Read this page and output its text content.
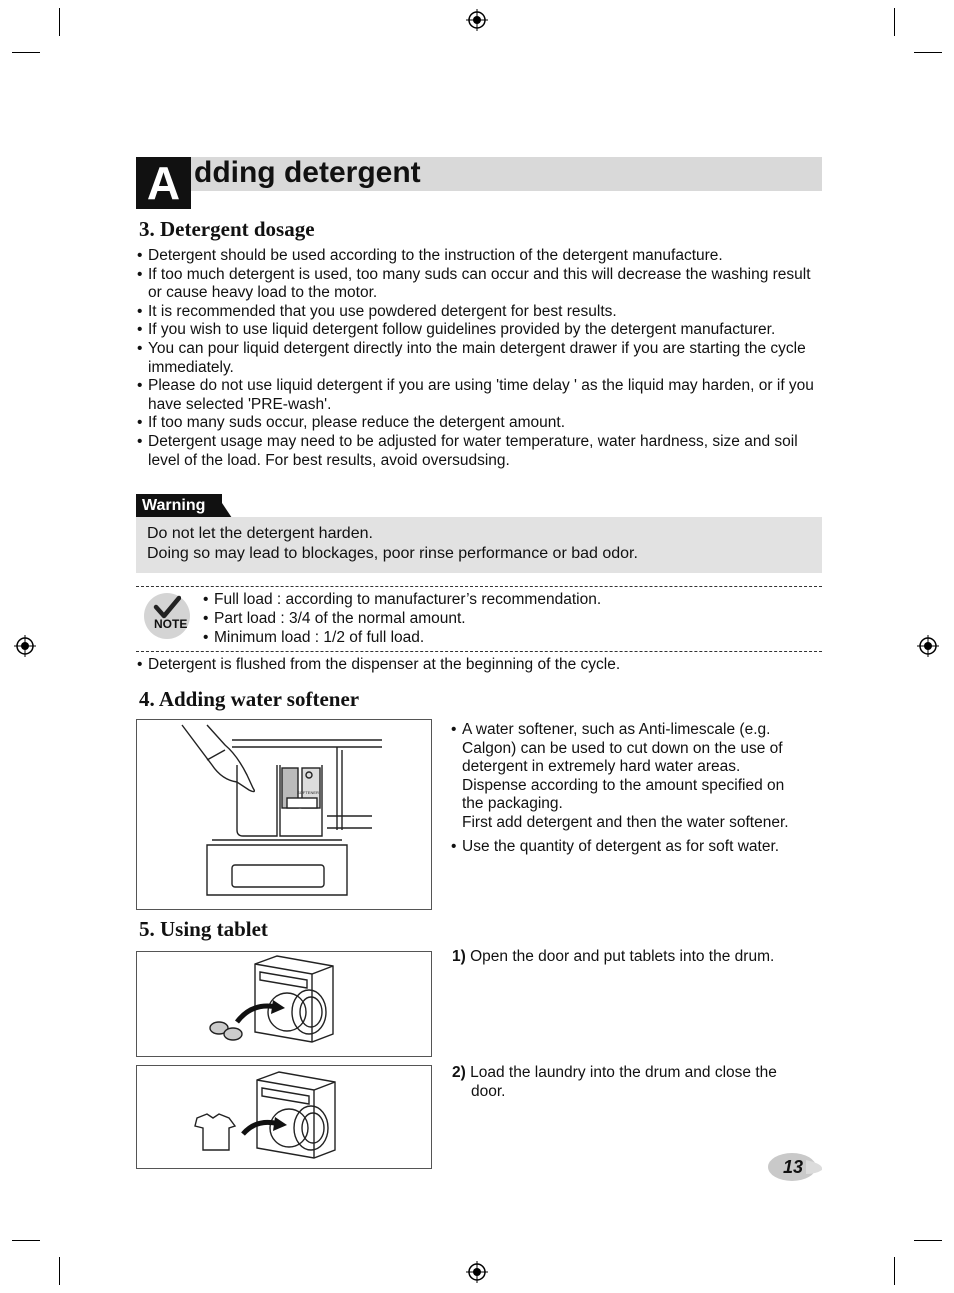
A dding detergent
3. Detergent dosage
• Detergent should be used according to the instruction of the detergent manufacture.
• If too much detergent is used, too many suds can occur and this will decrease the washing result or cause heavy load to the motor.
• It is recommended that you use powdered detergent for best results.
• If you wish to use liquid detergent follow guidelines provided by the detergent manufacturer.
• You can pour liquid detergent directly into the main detergent drawer if you are starting the cycle immediately.
• Please do not use liquid detergent if you are using 'time delay ' as the liquid may harden, or if you have selected 'PRE-wash'.
• If too many suds occur, please reduce the detergent amount.
• Detergent usage may need to be adjusted for water temperature, water hardness, size and soil level of the load. For best results, avoid oversudsing.
Warning
Do not let the detergent harden.
Doing so may lead to blockages, poor rinse performance or bad odor.
NOTE
• Full load : according to manufacturer’s recommendation.
• Part load : 3/4 of the normal amount.
• Minimum load : 1/2 of full load.
• Detergent is flushed from the dispenser at the beginning of the cycle.
4. Adding water softener
SOFTENER
• A water softener, such as Anti-limescale (e.g.
Calgon) can be used to cut down on the use of
detergent in extremely hard water areas.
Dispense according to the amount specified on
the packaging.
First add detergent and then the water softener.
• Use the quantity of detergent as for soft water.
5. Using tablet
1) Open the door and put tablets into the drum.
2) Load the laundry into the drum and close the
door.
13
